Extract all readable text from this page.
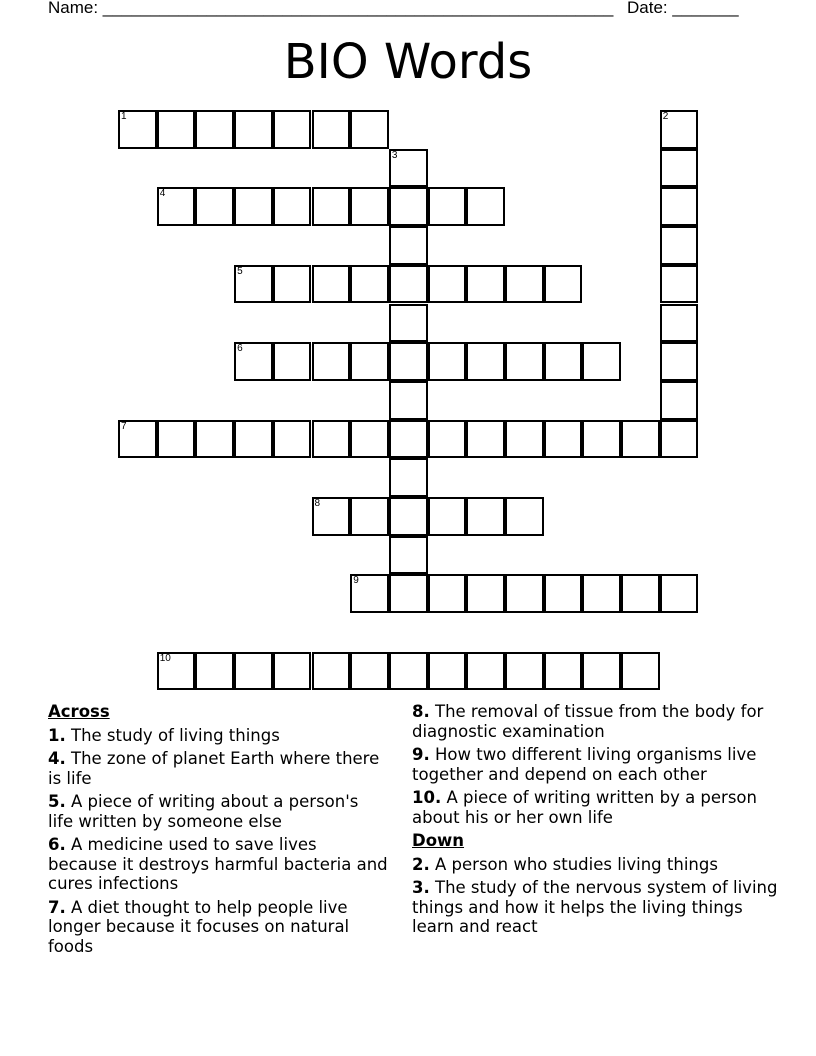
Name: ______________________________________________________ Date: _______
BIO Words
1	2
3
4
5
6
7
8
9
10
Across
1. The study of living things
4. The zone of planet Earth where there is life
5. A piece of writing about a person's life written by someone else
6. A medicine used to save lives because it destroys harmful bacteria and cures infections
7. A diet thought to help people live longer because it focuses on natural foods
8. The removal of tissue from the body for diagnostic examination
9. How two different living organisms live together and depend on each other
10. A piece of writing written by a person about his or her own life
Down
2. A person who studies living things
3. The study of the nervous system of living things and how it helps the living things learn and react
